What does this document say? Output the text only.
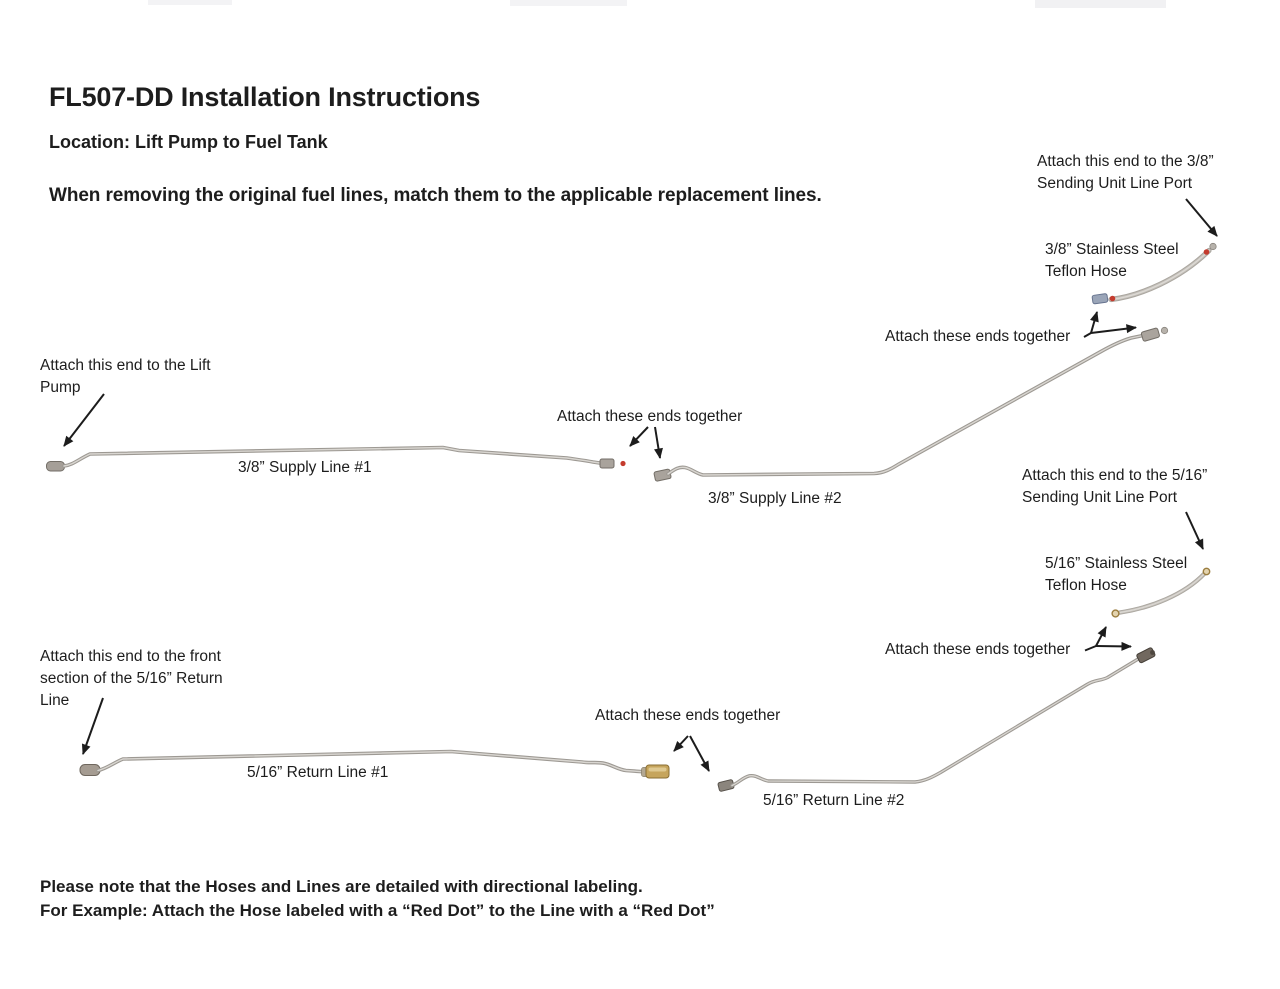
FL507-DD Installation Instructions
Location: Lift Pump to Fuel Tank
When removing the original fuel lines, match them to the applicable replacement lines.
Attach this end to the Lift
Pump
3/8” Supply Line #1
Attach these ends together
3/8” Supply Line #2
Attach this end to the 3/8”
Sending Unit Line Port
3/8” Stainless Steel
Teflon Hose
Attach these ends together
Attach this end to the 5/16”
Sending Unit Line Port
5/16” Stainless Steel
Teflon Hose
Attach these ends together
Attach this end to the front
section of the 5/16” Return
Line
5/16” Return Line #1
Attach these ends together
5/16” Return Line #2
Please note that the Hoses and Lines are detailed with directional labeling.
For Example: Attach the Hose labeled with a “Red Dot” to the Line with a “Red Dot”
